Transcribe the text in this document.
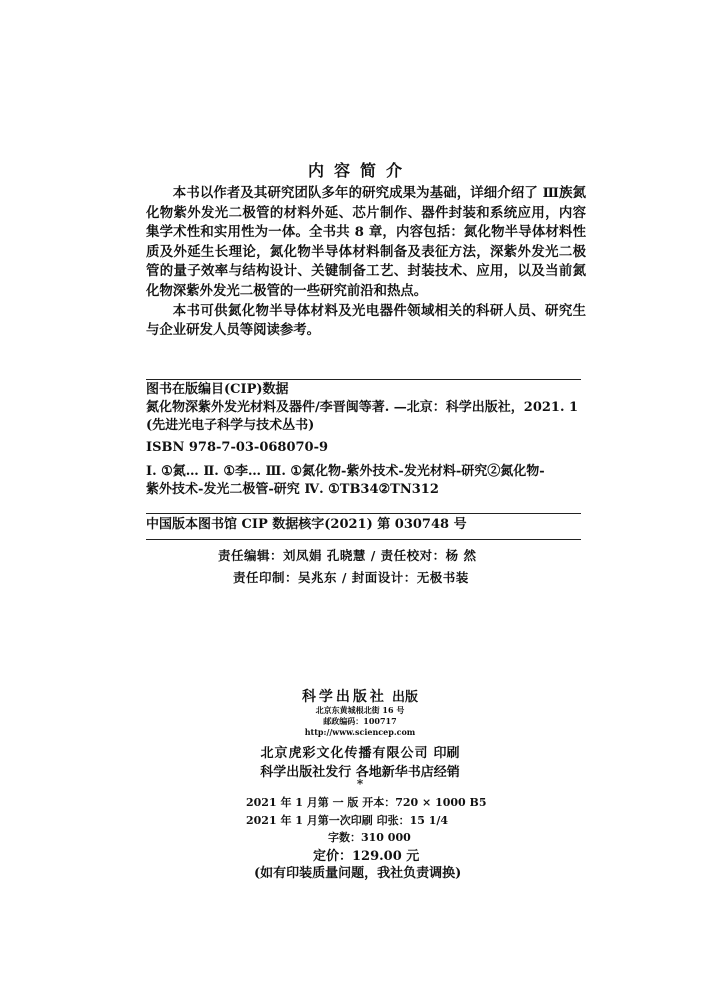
内容简介

本书以作者及其研究团队多年的研究成果为基础，详细介绍了 Ⅲ族氮化物紫外发光二极管的材料外延、芯片制作、器件封装和系统应用，内容集学术性和实用性为一体。全书共 8 章，内容包括：氮化物半导体材料性质及外延生长理论，氮化物半导体材料制备及表征方法，深紫外发光二极管的量子效率与结构设计、关键制备工艺、封装技术、应用，以及当前氮化物深紫外发光二极管的一些研究前沿和热点。

本书可供氮化物半导体材料及光电器件领域相关的科研人员、研究生与企业研发人员等阅读参考。

图书在版编目(CIP)数据
氮化物深紫外发光材料及器件/李晋闽等著. —北京：科学出版社，2021. 1
(先进光电子科学与技术丛书)
ISBN 978-7-03-068070-9
Ⅰ. ①氮… Ⅱ. ①李… Ⅲ. ①氮化物-紫外技术-发光材料-研究②氮化物-
紫外技术-发光二极管-研究 Ⅳ. ①TB34②TN312
中国版本图书馆 CIP 数据核字(2021) 第 030748 号
责任编辑：刘凤娟 孔晓慧 / 责任校对：杨 然
责任印制：吴兆东 / 封面设计：无极书装
科学出版社 出版
北京东黄城根北街 16 号
邮政编码：100717
http://www.sciencep.com
北京虎彩文化传播有限公司 印刷
科学出版社发行 各地新华书店经销
*
2021 年 1 月第 一 版 开本：720 × 1000 B5
2021 年 1 月第一次印刷 印张：15 1/4
字数：310 000
定价：129.00 元
(如有印装质量问题，我社负责调换)
